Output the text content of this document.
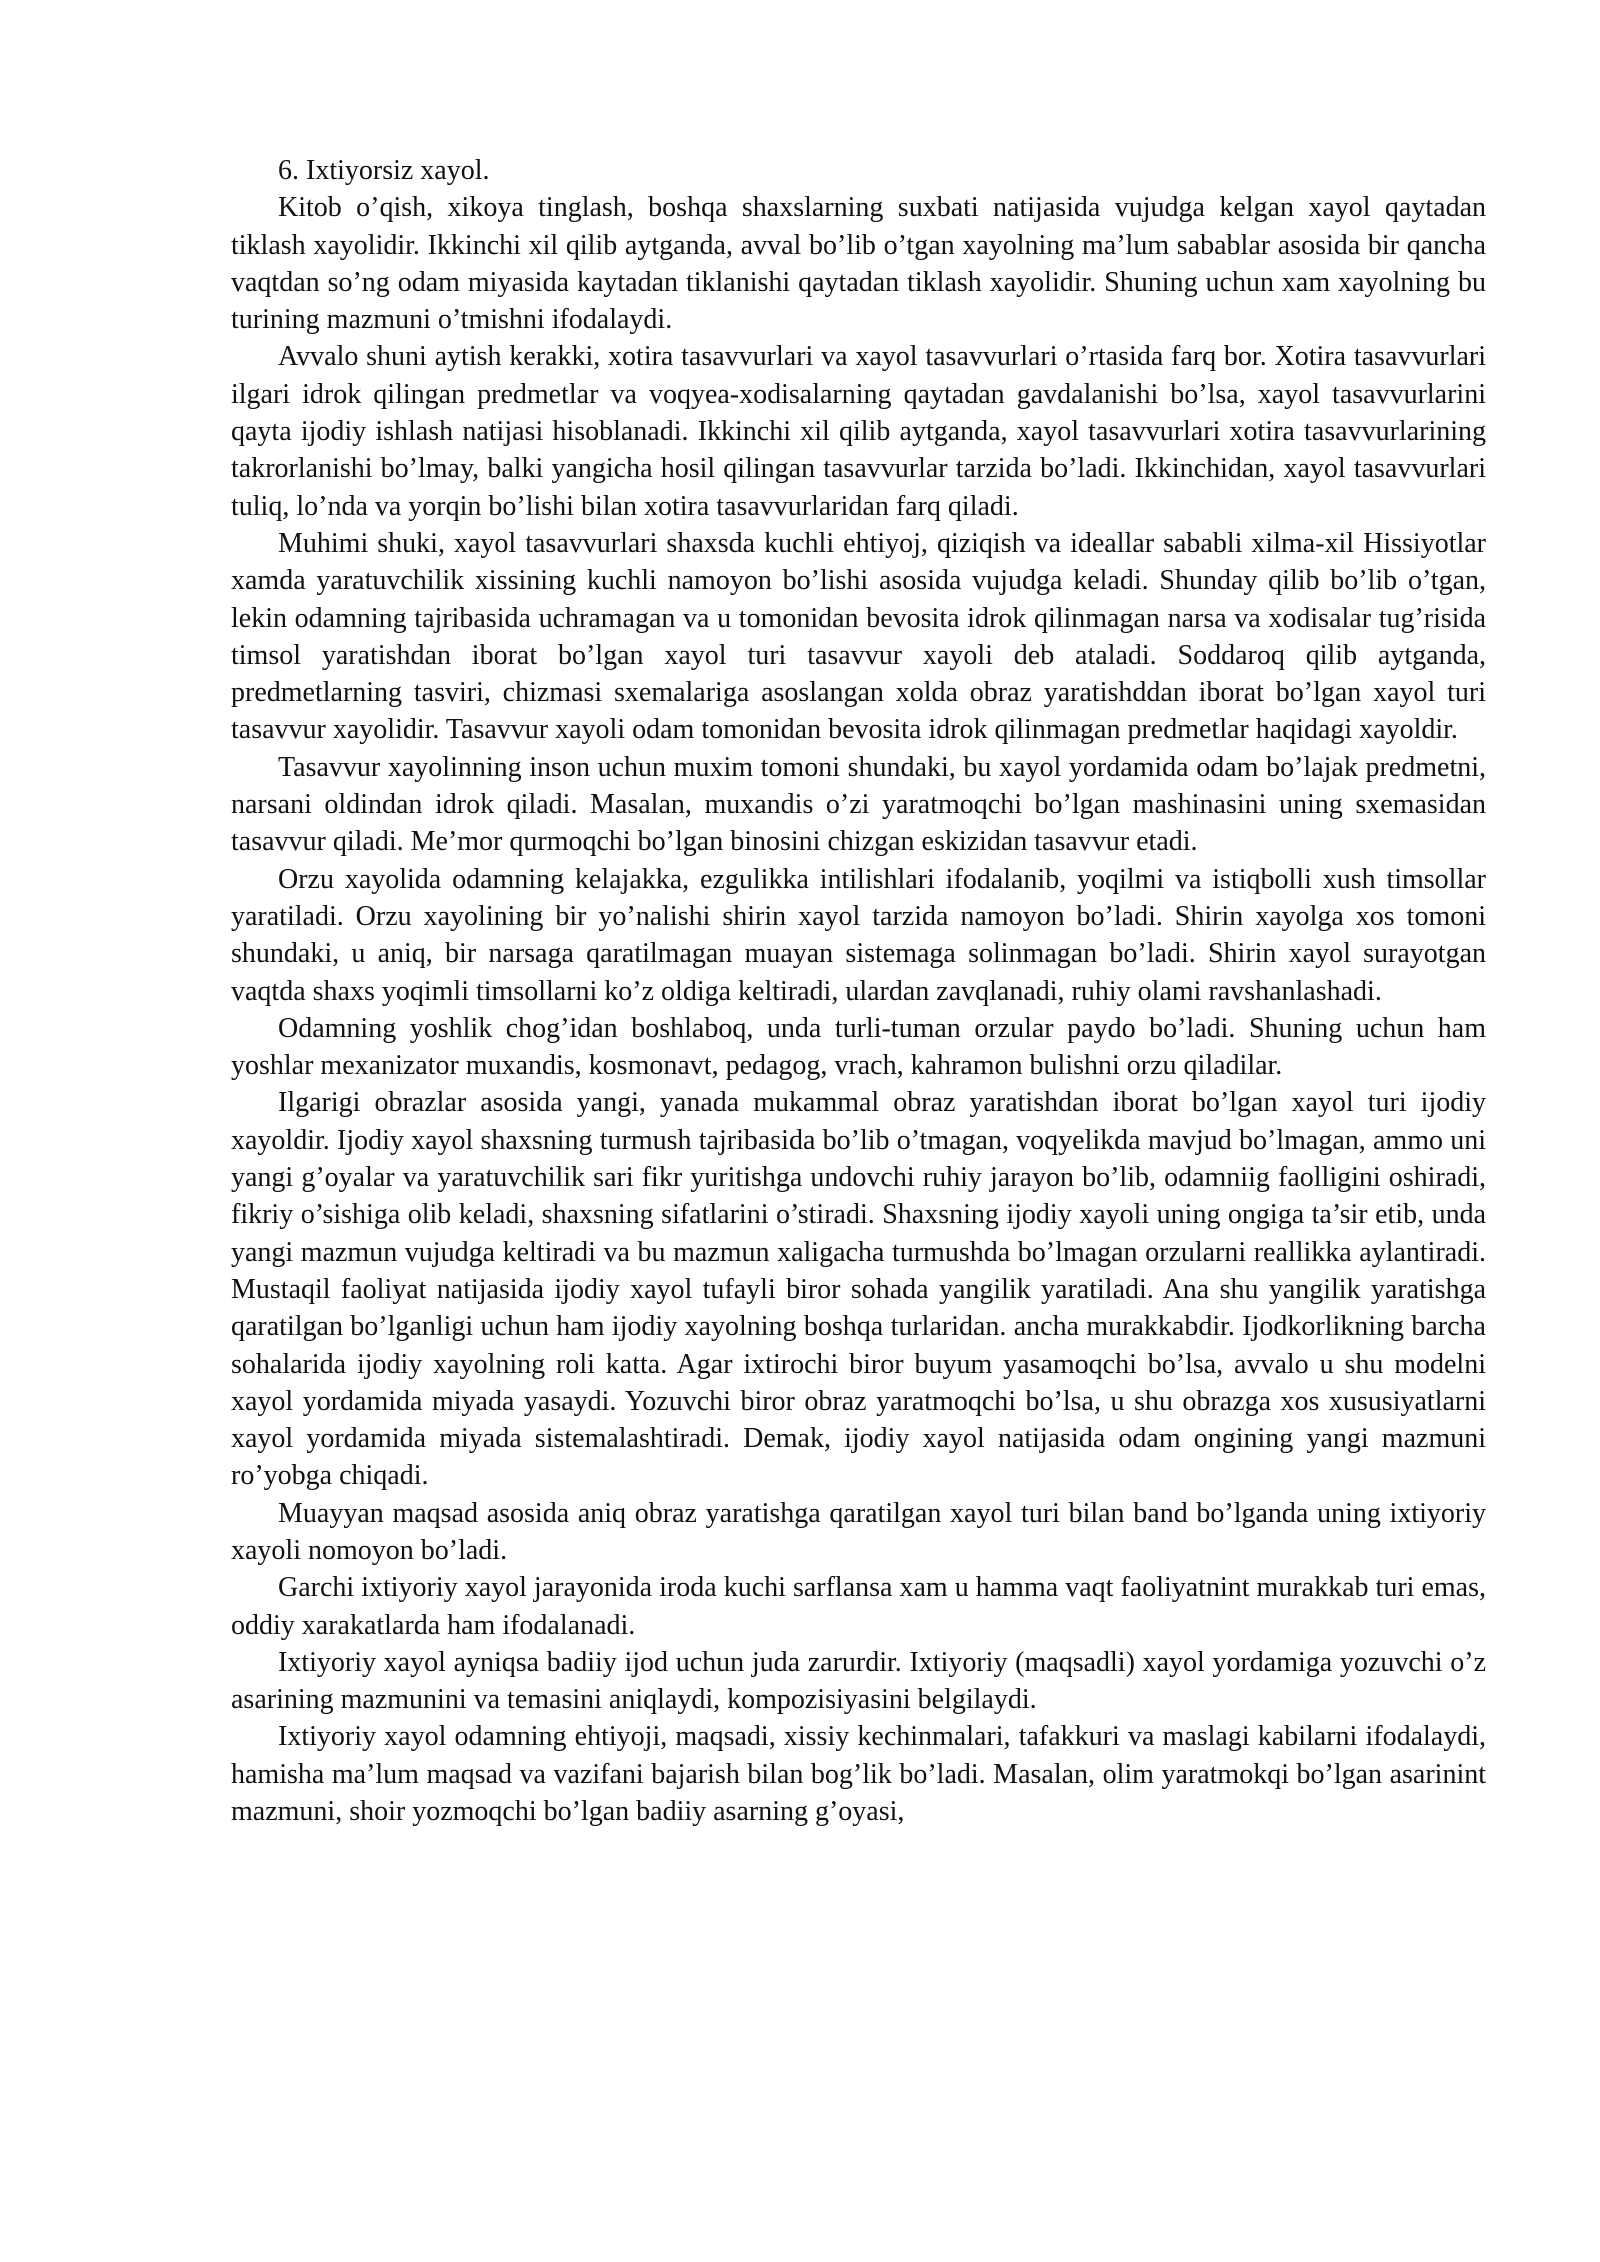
6. Ixtiyorsiz xayol.

Kitob o’qish, xikoya tinglash, boshqa shaxslarning suxbati natijasida vujudga kelgan xayol qaytadan tiklash xayolidir. Ikkinchi xil qilib aytganda, avval bo’lib o’tgan xayolning ma’lum sabablar asosida bir qancha vaqtdan so’ng odam miyasida kaytadan tiklanishi qaytadan tiklash xayolidir. Shuning uchun xam xayolning bu turining mazmuni o’tmishni ifodalaydi.

Avvalo shuni aytish kerakki, xotira tasavvurlari va xayol tasavvurlari o’rtasida farq bor. Xotira tasavvurlari ilgari idrok qilingan predmetlar va voqyea-xodisalarning qaytadan gavdalanishi bo’lsa, xayol tasavvurlarini qayta ijodiy ishlash natijasi hisoblanadi. Ikkinchi xil qilib aytganda, xayol tasavvurlari xotira tasavvurlarining takrorlanishi bo’lmay, balki yangicha hosil qilingan tasavvurlar tarzida bo’ladi. Ikkinchidan, xayol tasavvurlari tuliq, lo’nda va yorqin bo’lishi bilan xotira tasavvurlaridan farq qiladi.

Muhimi shuki, xayol tasavvurlari shaxsda kuchli ehtiyoj, qiziqish va ideallar sababli xilma-xil Hissiyotlar xamda yaratuvchilik xissining kuchli namoyon bo’lishi asosida vujudga keladi. Shunday qilib bo’lib o’tgan, lekin odamning tajribasida uchramagan va u tomonidan bevosita idrok qilinmagan narsa va xodisalar tug’risida timsol yaratishdan iborat bo’lgan xayol turi tasavvur xayoli deb ataladi. Soddaroq qilib aytganda, predmetlarning tasviri, chizmasi sxemalariga asoslangan xolda obraz yaratishddan iborat bo’lgan xayol turi tasavvur xayolidir. Tasavvur xayoli odam tomonidan bevosita idrok qilinmagan predmetlar haqidagi xayoldir.

Tasavvur xayolinning inson uchun muxim tomoni shundaki, bu xayol yordamida odam bo’lajak predmetni, narsani oldindan idrok qiladi. Masalan, muxandis o’zi yaratmoqchi bo’lgan mashinasini uning sxemasidan tasavvur qiladi. Me’mor qurmoqchi bo’lgan binosini chizgan eskizidan tasavvur etadi.

Orzu xayolida odamning kelajakka, ezgulikka intilishlari ifodalanib, yoqilmi va istiqbolli xush timsollar yaratiladi. Orzu xayolining bir yo’nalishi shirin xayol tarzida namoyon bo’ladi. Shirin xayolga xos tomoni shundaki, u aniq, bir narsaga qaratilmagan muayan sistemaga solinmagan bo’ladi. Shirin xayol surayotgan vaqtda shaxs yoqimli timsollarni ko’z oldiga keltiradi, ulardan zavqlanadi, ruhiy olami ravshanlashadi.

Odamning yoshlik chog’idan boshlaboq, unda turli-tuman orzular paydo bo’ladi. Shuning uchun ham yoshlar mexanizator muxandis, kosmonavt, pedagog, vrach, kahramon bulishni orzu qiladilar.

Ilgarigi obrazlar asosida yangi, yanada mukammal obraz yaratishdan iborat bo’lgan xayol turi ijodiy xayoldir. Ijodiy xayol shaxsning turmush tajribasida bo’lib o’tmagan, voqyelikda mavjud bo’lmagan, ammo uni yangi g’oyalar va yaratuvchilik sari fikr yuritishga undovchi ruhiy jarayon bo’lib, odamniig faolligini oshiradi, fikriy o’sishiga olib keladi, shaxsning sifatlarini o’stiradi. Shaxsning ijodiy xayoli uning ongiga ta’sir etib, unda yangi mazmun vujudga keltiradi va bu mazmun xaligacha turmushda bo’lmagan orzularni reallikka aylantiradi. Mustaqil faoliyat natijasida ijodiy xayol tufayli biror sohada yangilik yaratiladi. Ana shu yangilik yaratishga qaratilgan bo’lganligi uchun ham ijodiy xayolning boshqa turlaridan. ancha murakkabdir. Ijodkorlikning barcha sohalarida ijodiy xayolning roli katta. Agar ixtirochi biror buyum yasamoqchi bo’lsa, avvalo u shu modelni xayol yordamida miyada yasaydi. Yozuvchi biror obraz yaratmoqchi bo’lsa, u shu obrazga xos xususiyatlarni xayol yordamida miyada sistemalashtiradi. Demak, ijodiy xayol natijasida odam ongining yangi mazmuni ro’yobga chiqadi.

Muayyan maqsad asosida aniq obraz yaratishga qaratilgan xayol turi bilan band bo’lganda uning ixtiyoriy xayoli nomoyon bo’ladi.

Garchi ixtiyoriy xayol jarayonida iroda kuchi sarflansa xam u hamma vaqt faoliyatnint murakkab turi emas, oddiy xarakatlarda ham ifodalanadi.

Ixtiyoriy xayol ayniqsa badiiy ijod uchun juda zarurdir. Ixtiyoriy (maqsadli) xayol yordamiga yozuvchi o’z asarining mazmunini va temasini aniqlaydi, kompozisiyasini belgilaydi.

Ixtiyoriy xayol odamning ehtiyoji, maqsadi, xissiy kechinmalari, tafakkuri va maslagi kabilarni ifodalaydi, hamisha ma’lum maqsad va vazifani bajarish bilan bog’lik bo’ladi. Masalan, olim yaratmokqi bo’lgan asarinint mazmuni, shoir yozmoqchi bo’lgan badiiy asarning g’oyasi,
